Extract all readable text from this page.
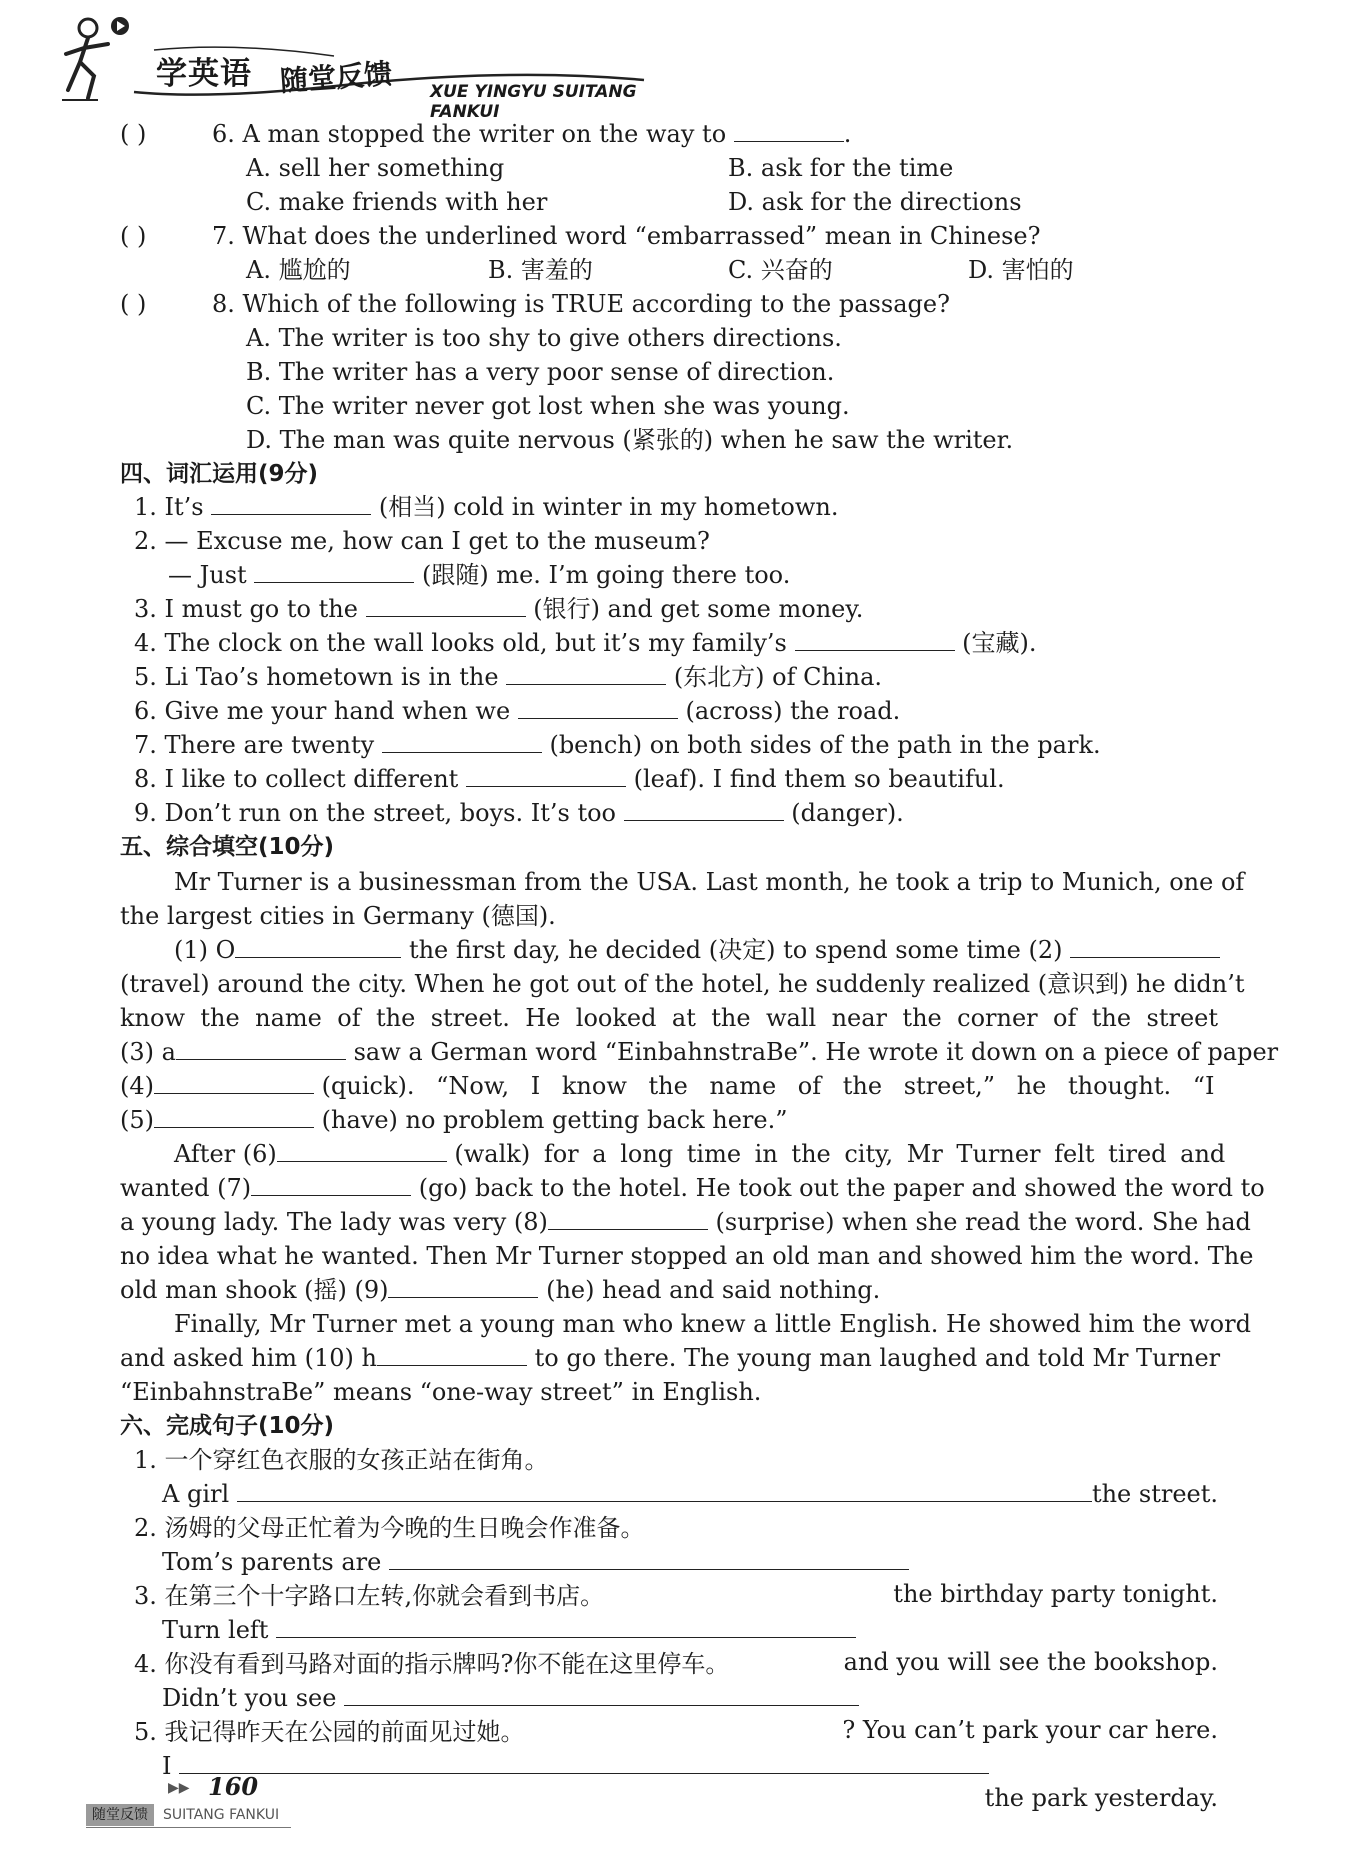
学英语 随堂反馈 XUE YINGYU SUITANG FANKUI
( )	6. A man stopped the writer on the way to	.
A. sell her something	B. ask for the time
C. make friends with her	D. ask for the directions
( )	7. What does the underlined word “embarrassed” mean in Chinese?
A. 尴尬的	B. 害羞的	C. 兴奋的	D. 害怕的
( )	8. Which of the following is TRUE according to the passage?
A. The writer is too shy to give others directions.
B. The writer has a very poor sense of direction.
C. The writer never got lost when she was young.
D. The man was quite nervous (紧张的) when he saw the writer.
四、词汇运用(9分)
1. It’s	(相当) cold in winter in my hometown.
2. — Excuse me, how can I get to the museum?
— Just	(跟随) me. I’m going there too.
3. I must go to the	(银行) and get some money.
4. The clock on the wall looks old, but it’s my family’s	(宝藏).
5. Li Tao’s hometown is in the	(东北方) of China.
6. Give me your hand when we	(across) the road.
7. There are twenty	(bench) on both sides of the path in the park.
8. I like to collect different	(leaf). I find them so beautiful.
9. Don’t run on the street, boys. It’s too	(danger).
五、综合填空(10分)
Mr Turner is a businessman from the USA. Last month, he took a trip to Munich, one of
the largest cities in Germany (德国).
(1) O	the first day, he decided (决定) to spend some time (2)
(travel) around the city. When he got out of the hotel, he suddenly realized (意识到) he didn’t
know the name of the street. He looked at the wall near the corner of the street
(3) a	saw a German word “EinbahnstraBe”. He wrote it down on a piece of paper
(4)	(quick). “Now, I know the name of the street,” he thought. “I
(5)	(have) no problem getting back here.”
After (6)	(walk) for a long time in the city, Mr Turner felt tired and
wanted (7)	(go) back to the hotel. He took out the paper and showed the word to
a young lady. The lady was very (8)	(surprise) when she read the word. She had
no idea what he wanted. Then Mr Turner stopped an old man and showed him the word. The
old man shook (摇) (9)	(he) head and said nothing.
Finally, Mr Turner met a young man who knew a little English. He showed him the word
and asked him (10) h	to go there. The young man laughed and told Mr Turner
“EinbahnstraBe” means “one-way street” in English.
六、完成句子(10分)
1. 一个穿红色衣服的女孩正站在街角。
A girl	the street.
2. 汤姆的父母正忙着为今晚的生日晚会作准备。
Tom’s parents are
the birthday party tonight.
3. 在第三个十字路口左转,你就会看到书店。
Turn left
and you will see the bookshop.
4. 你没有看到马路对面的指示牌吗?你不能在这里停车。
Didn’t you see
? You can’t park your car here.
5. 我记得昨天在公园的前面见过她。
I
the park yesterday.
▶▶ 160
随堂反馈	SUITANG FANKUI
